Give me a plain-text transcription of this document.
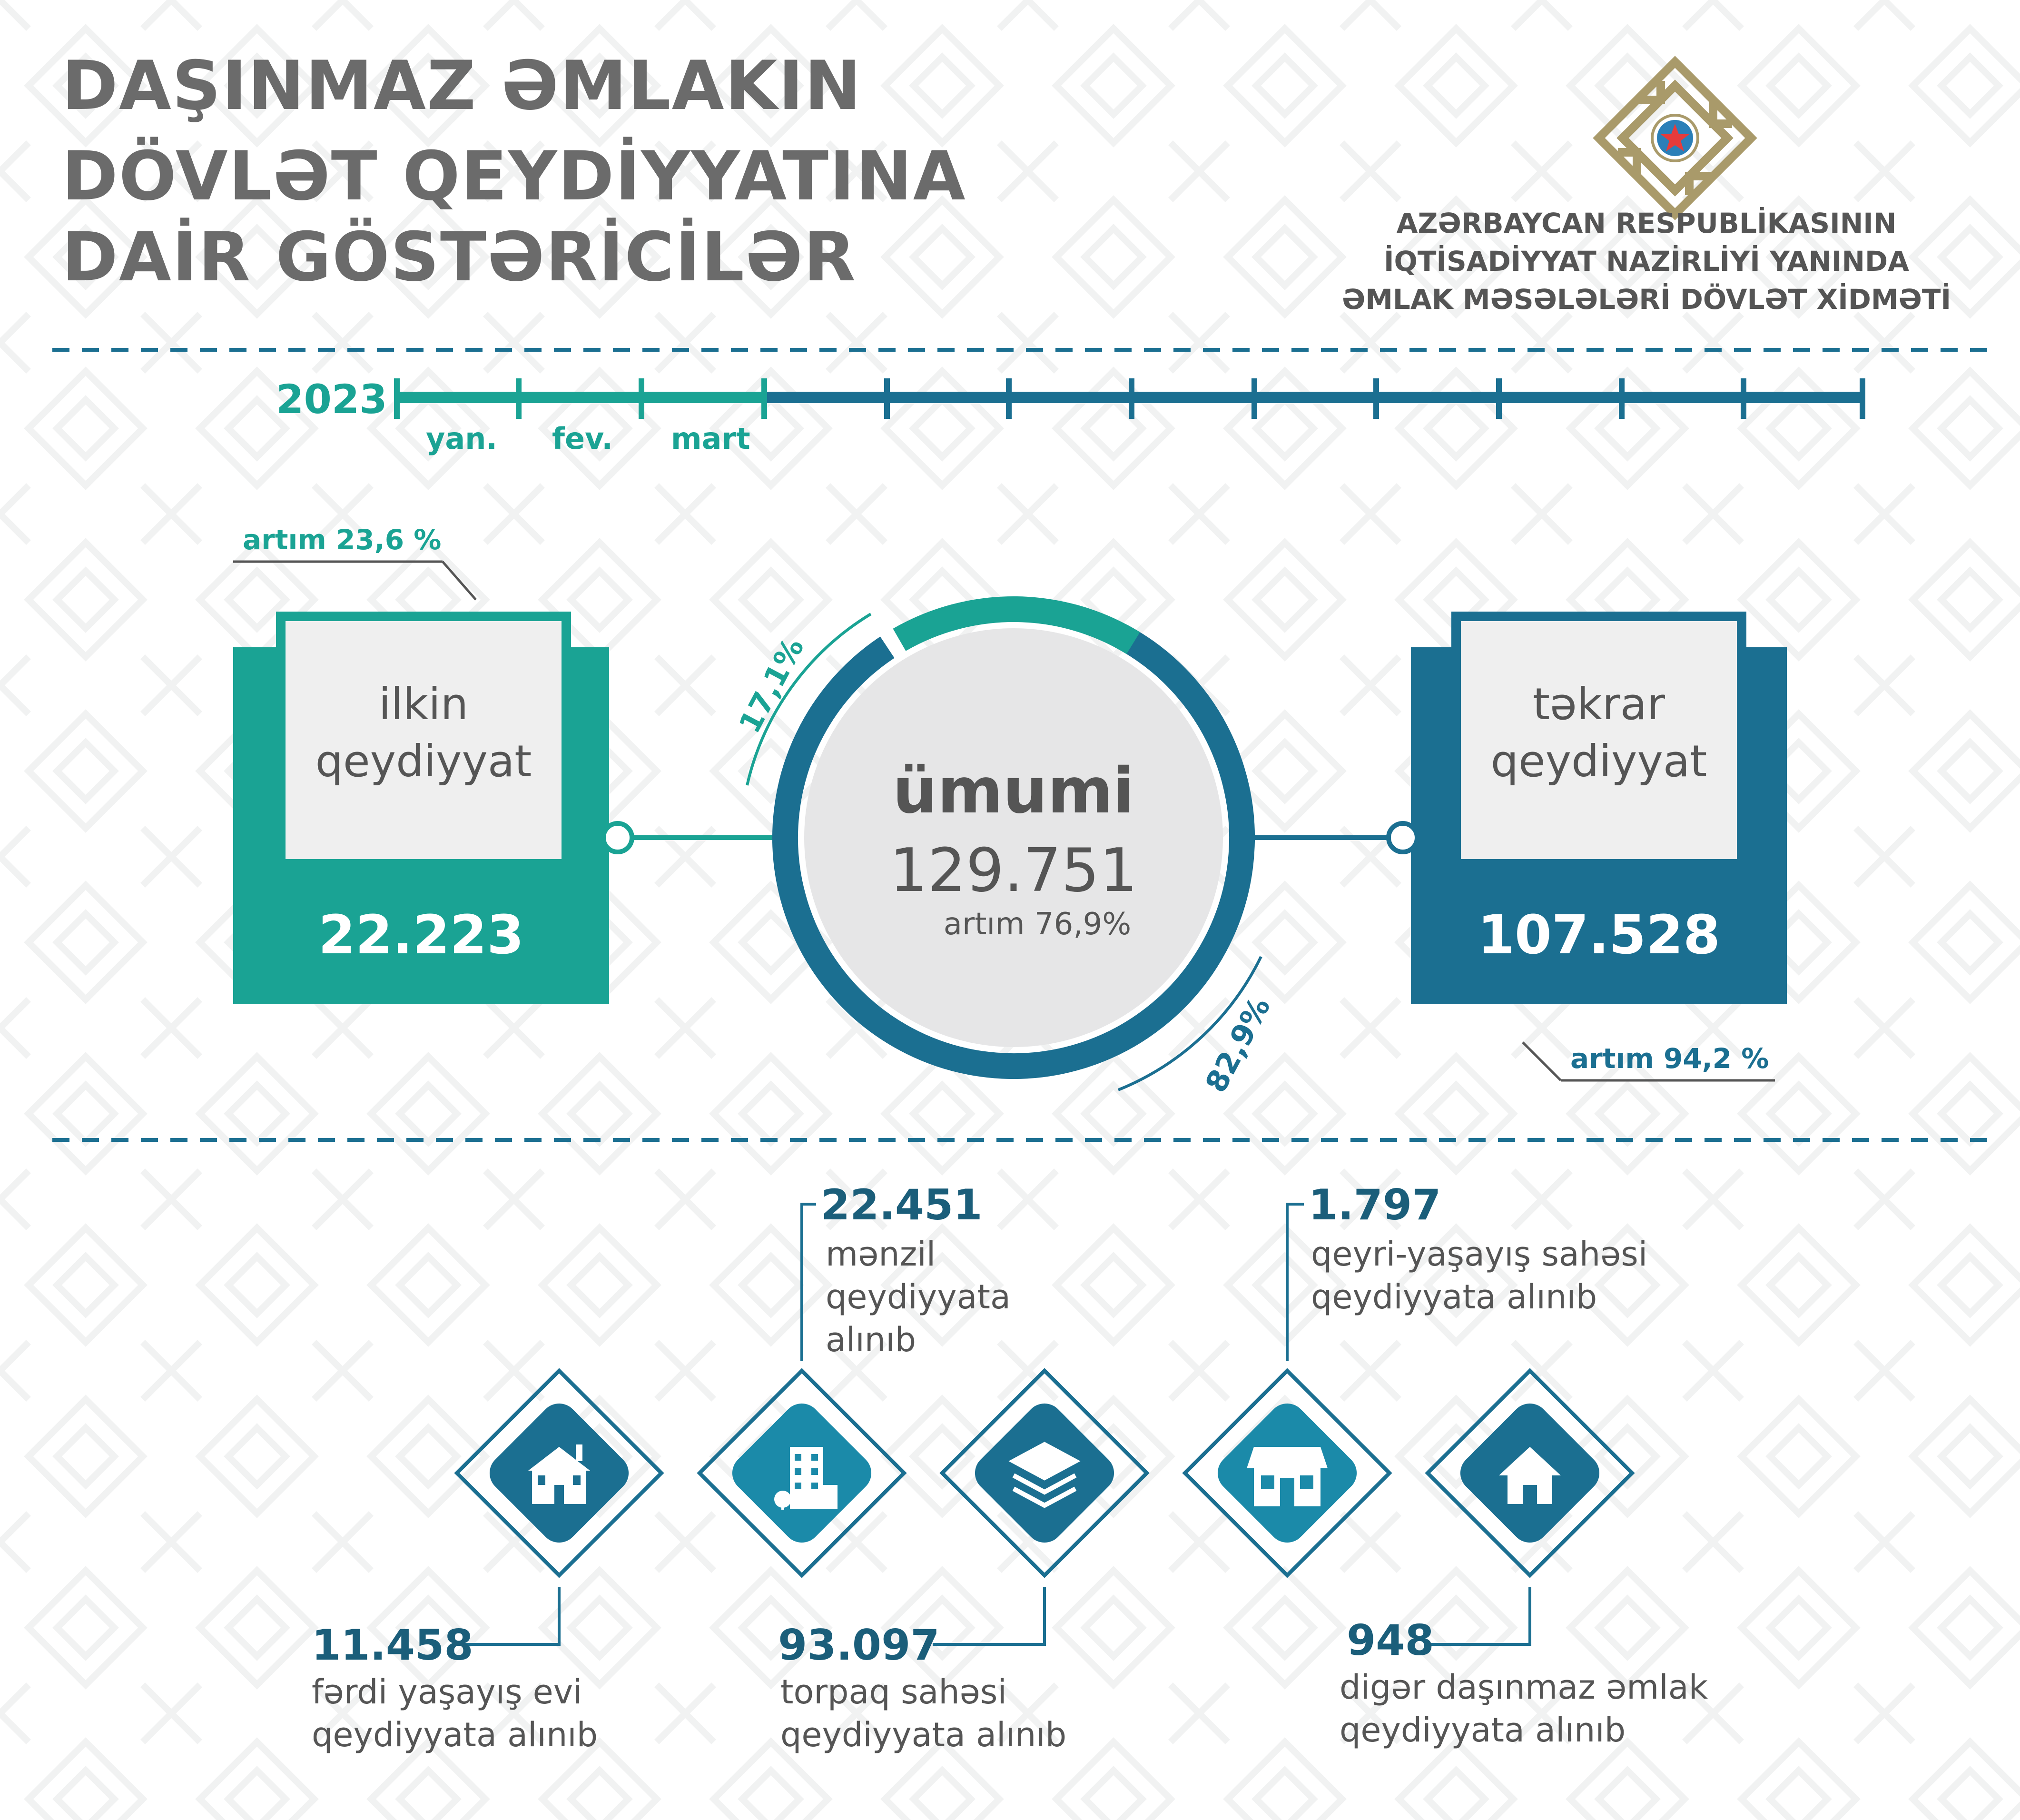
DAŞINMAZ ƏMLAKIN
DÖVLƏT QEYDİYYATINA
DAİR GÖSTƏRİCİLƏR	AZƏRBAYCAN RESPUBLİKASININ
İQTİSADİYYAT NAZİRLİYİ YANINDA
ƏMLAK MƏSƏLƏLƏRİ DÖVLƏT XİDMƏTİ
2023
yan. fev. mart
artım 23,6 %
ilkin
qeydiyyat
22.223
təkrar
qeydiyyat
107.528
artım 94,2 %
17,1%
82,9%
ümumi
129.751
artım 76,9%
11.458
fərdi yaşayış evi
qeydiyyata alınıb
22.451
mənzil
qeydiyyata
alınıb
93.097
torpaq sahəsi
qeydiyyata alınıb
1.797
qeyri-yaşayış sahəsi
qeydiyyata alınıb
948
digər daşınmaz əmlak
qeydiyyata alınıb
